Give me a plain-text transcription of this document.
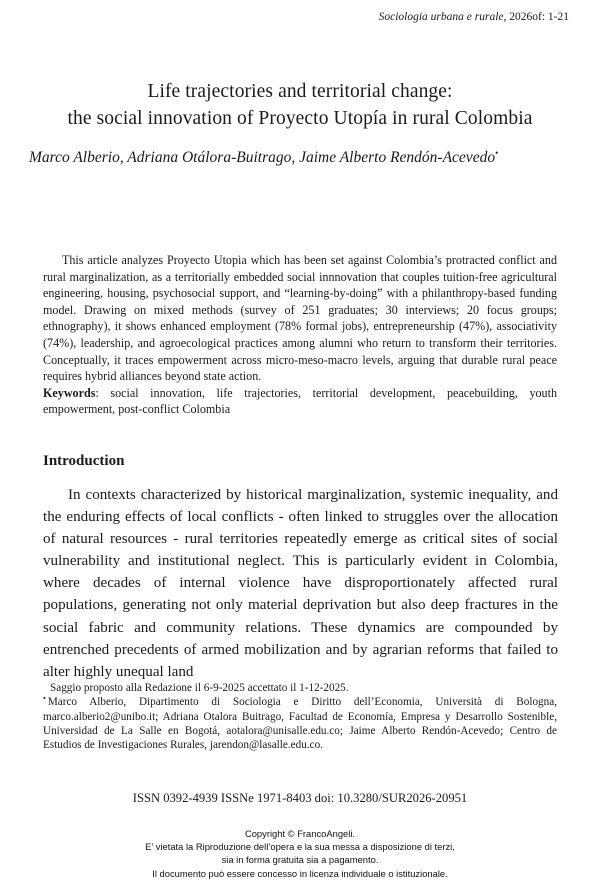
Sociologia urbana e rurale, 2026of: 1-21
Life trajectories and territorial change:
the social innovation of Proyecto Utopía in rural Colombia
Marco Alberio, Adriana Otálora-Buitrago, Jaime Alberto Rendón-Acevedo•

This article analyzes Proyecto Utopia which has been set against Colombia’s protracted conflict and rural marginalization, as a territorially embedded social innnovation that couples tuition-free agricultural engineering, housing, psychosocial support, and “learning-by-doing” with a philanthropy-based funding model. Drawing on mixed methods (survey of 251 graduates; 30 interviews; 20 focus groups; ethnography), it shows enhanced employment (78% formal jobs), entrepreneurship (47%), associativity (74%), leadership, and agroecological practices among alumni who return to transform their territories. Conceptually, it traces empowerment across micro-meso-macro levels, arguing that durable rural peace requires hybrid alliances beyond state action.

Keywords: social innovation, life trajectories, territorial development, peacebuilding, youth empowerment, post-conflict Colombia

Introduction

In contexts characterized by historical marginalization, systemic inequality, and the enduring effects of local conflicts - often linked to struggles over the allocation of natural resources - rural territories repeatedly emerge as critical sites of social vulnerability and institutional neglect. This is particularly evident in Colombia, where decades of internal violence have disproportionately affected rural populations, generating not only material deprivation but also deep fractures in the social fabric and community relations. These dynamics are compounded by entrenched precedents of armed mobilization and by agrarian reforms that failed to alter highly unequal land

Saggio proposto alla Redazione il 6-9-2025 accettato il 1-12-2025.

• Marco Alberio, Dipartimento di Sociologia e Diritto dell’Economia, Università di Bologna, marco.alberio2@unibo.it; Adriana Otalora Buitrago, Facultad de Economía, Empresa y Desarrollo Sostenible, Universidad de La Salle en Bogotá, aotalora@unisalle.edu.co; Jaime Alberto Rendón-Acevedo; Centro de Estudios de Investigaciones Rurales, jarendon@lasalle.edu.co.

ISSN 0392-4939 ISSNe 1971-8403 doi: 10.3280/SUR2026-20951
Copyright © FrancoAngeli.
E’ vietata la Riproduzione dell’opera e la sua messa a disposizione di terzi,
sia in forma gratuita sia a pagamento.
Il documento può essere concesso in licenza individuale o istituzionale.
